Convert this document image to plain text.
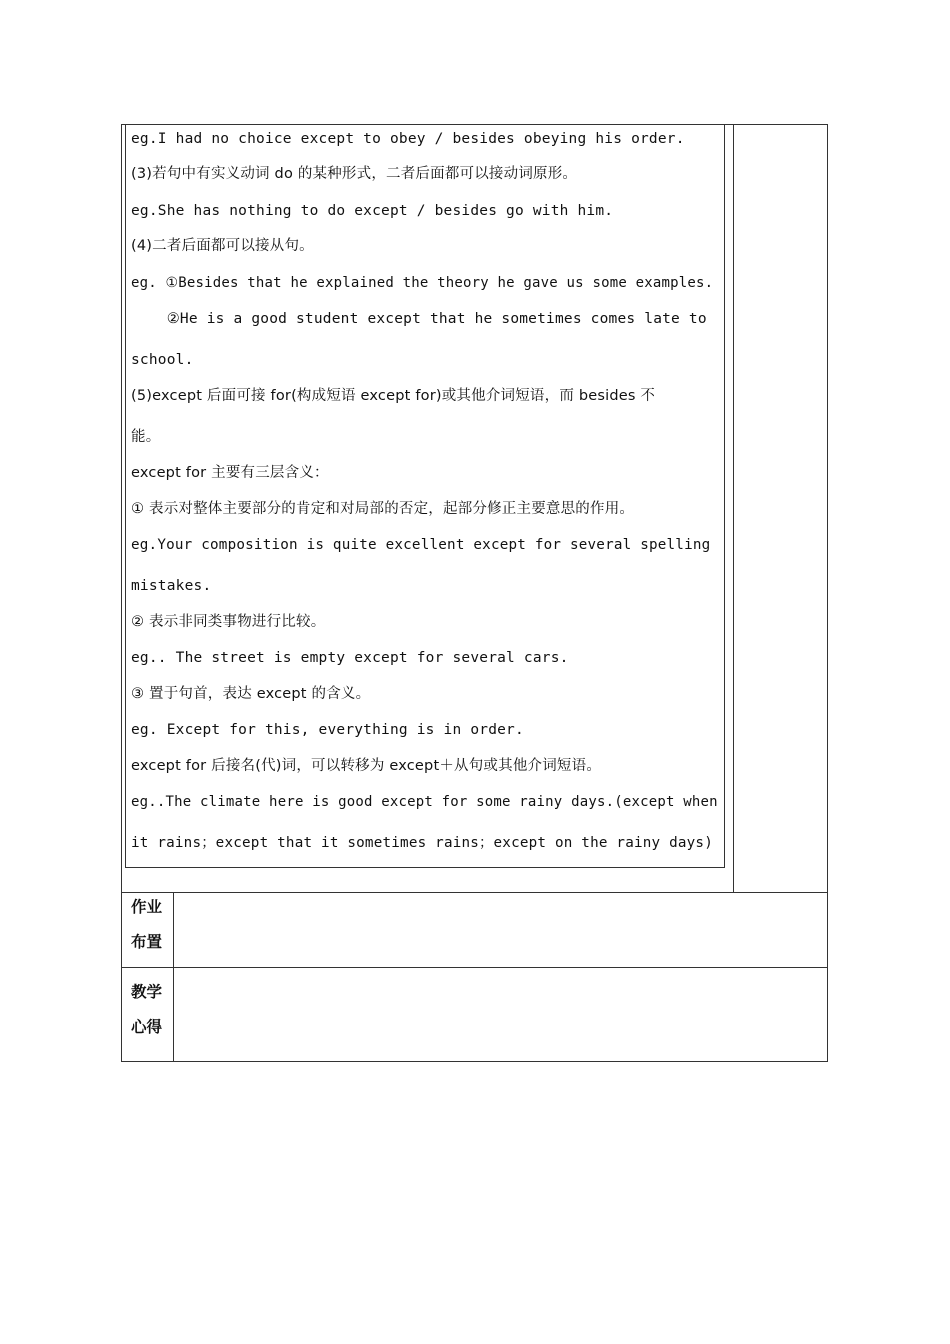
eg.I had no choice except to obey / besides obeying his order.
(3)若句中有实义动词 do 的某种形式，二者后面都可以接动词原形。
eg.She has nothing to do except / besides go with him.
(4)二者后面都可以接从句。
eg. ①Besides that he explained the theory he gave us some examples.
②He is a good student except that he sometimes comes late to
school.
(5)except 后面可接 for(构成短语 except for)或其他介词短语，而 besides 不
能。
except for 主要有三层含义：
① 表示对整体主要部分的肯定和对局部的否定，起部分修正主要意思的作用。
eg.Your composition is quite excellent except for several spelling
mistakes.
② 表示非同类事物进行比较。
eg.. The street is empty except for several cars.
③ 置于句首，表达 except 的含义。
eg. Except for this, everything is in order.
except for 后接名(代)词，可以转移为 except＋从句或其他介词短语。
eg..The climate here is good except for some rainy days.(except when
it rains；except that it sometimes rains；except on the rainy days)
作业
布置
教学
心得
